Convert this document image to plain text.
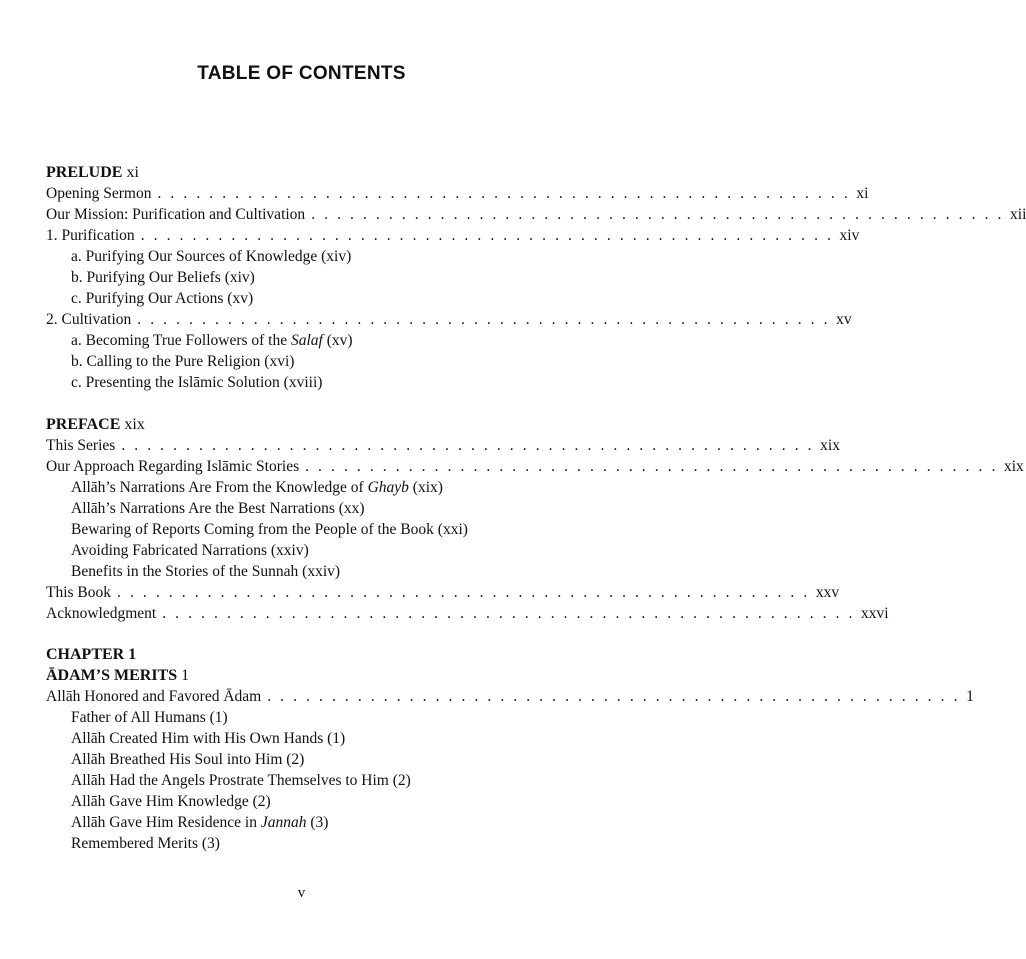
TABLE OF CONTENTS
PRELUDE xi
Opening Sermon . . . . . . . . . . . . . . . . . . . . . . . . . . . . . . . . . . . . . . . . . . . . . . . . . . . . . . xi
Our Mission: Purification and Cultivation . . . . . . . . . . . . . . . . . . . . . . . . . . . . . . . . . . . . . . . . . . . . . . . . . . . . . . xii
1. Purification . . . . . . . . . . . . . . . . . . . . . . . . . . . . . . . . . . . . . . . . . . . . . . . . . . . . . . xiv
a. Purifying Our Sources of Knowledge (xiv)
b. Purifying Our Beliefs (xiv)
c. Purifying Our Actions (xv)
2. Cultivation . . . . . . . . . . . . . . . . . . . . . . . . . . . . . . . . . . . . . . . . . . . . . . . . . . . . . . xv
a. Becoming True Followers of the Salaf (xv)
b. Calling to the Pure Religion (xvi)
c. Presenting the Islāmic Solution (xviii)
PREFACE xix
This Series . . . . . . . . . . . . . . . . . . . . . . . . . . . . . . . . . . . . . . . . . . . . . . . . . . . . . . xix
Our Approach Regarding Islāmic Stories . . . . . . . . . . . . . . . . . . . . . . . . . . . . . . . . . . . . . . . . . . . . . . . . . . . . . . xix
Allāh’s Narrations Are From the Knowledge of Ghayb (xix)
Allāh’s Narrations Are the Best Narrations (xx)
Bewaring of Reports Coming from the People of the Book (xxi)
Avoiding Fabricated Narrations (xxiv)
Benefits in the Stories of the Sunnah (xxiv)
This Book . . . . . . . . . . . . . . . . . . . . . . . . . . . . . . . . . . . . . . . . . . . . . . . . . . . . . . xxv
Acknowledgment . . . . . . . . . . . . . . . . . . . . . . . . . . . . . . . . . . . . . . . . . . . . . . . . . . . . . . xxvi
CHAPTER 1
ĀDAM’S MERITS 1
Allāh Honored and Favored Ādam . . . . . . . . . . . . . . . . . . . . . . . . . . . . . . . . . . . . . . . . . . . . . . . . . . . . . . 1
Father of All Humans (1)
Allāh Created Him with His Own Hands (1)
Allāh Breathed His Soul into Him (2)
Allāh Had the Angels Prostrate Themselves to Him (2)
Allāh Gave Him Knowledge (2)
Allāh Gave Him Residence in Jannah (3)
Remembered Merits (3)
v
